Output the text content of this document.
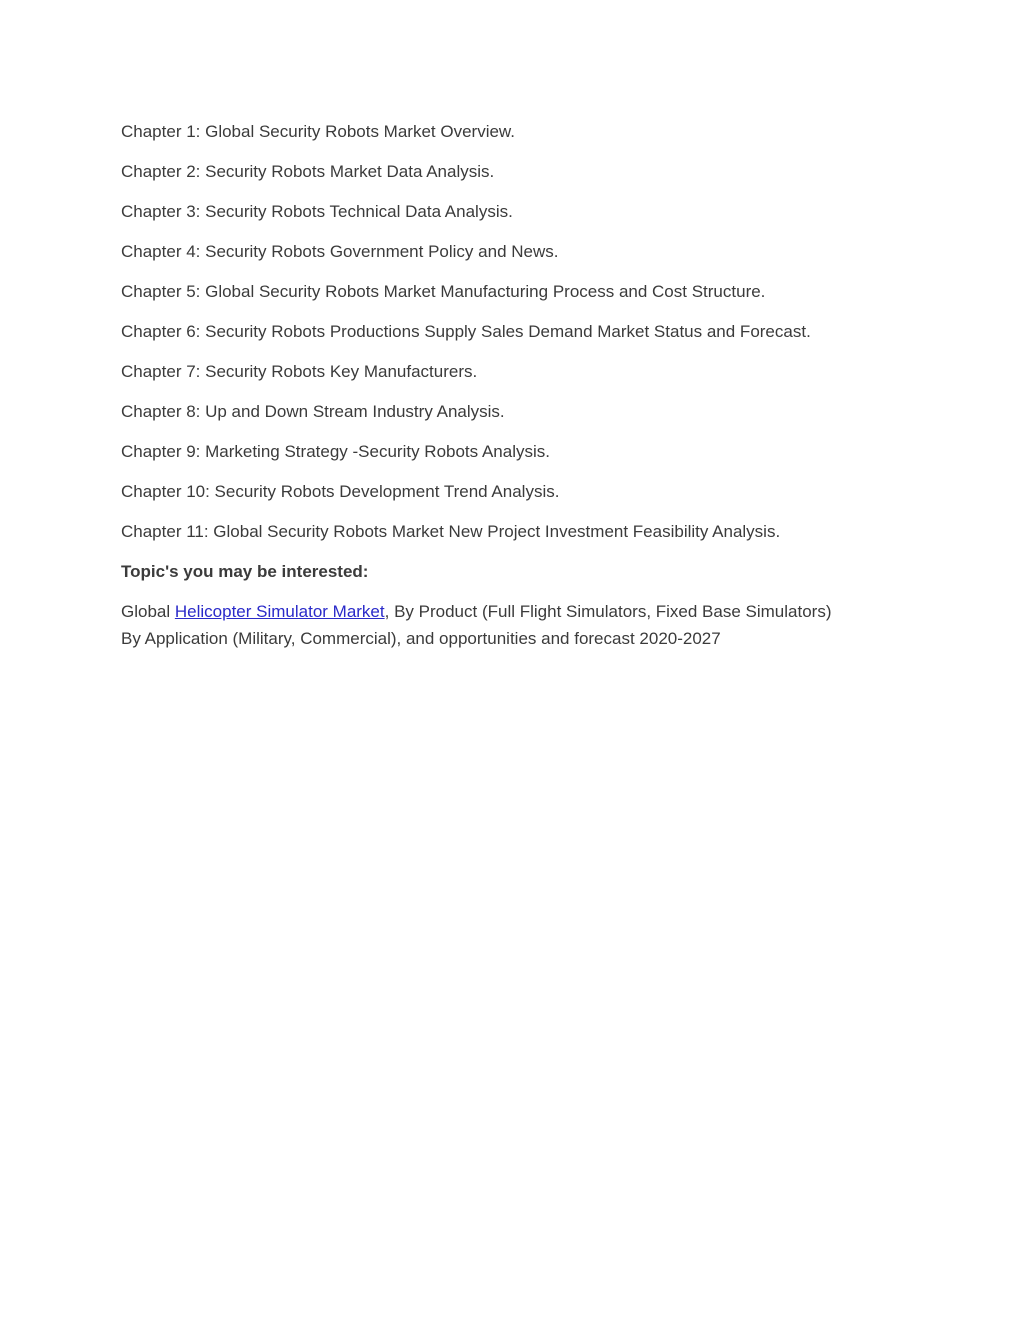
Chapter 1: Global Security Robots Market Overview.

Chapter 2: Security Robots Market Data Analysis.

Chapter 3: Security Robots Technical Data Analysis.

Chapter 4: Security Robots Government Policy and News.

Chapter 5: Global Security Robots Market Manufacturing Process and Cost Structure.

Chapter 6: Security Robots Productions Supply Sales Demand Market Status and Forecast.

Chapter 7: Security Robots Key Manufacturers.

Chapter 8: Up and Down Stream Industry Analysis.

Chapter 9: Marketing Strategy -Security Robots Analysis.

Chapter 10: Security Robots Development Trend Analysis.

Chapter 11: Global Security Robots Market New Project Investment Feasibility Analysis.

Topic's you may be interested:

Global Helicopter Simulator Market, By Product (Full Flight Simulators, Fixed Base Simulators)
By Application (Military, Commercial), and opportunities and forecast 2020-2027
